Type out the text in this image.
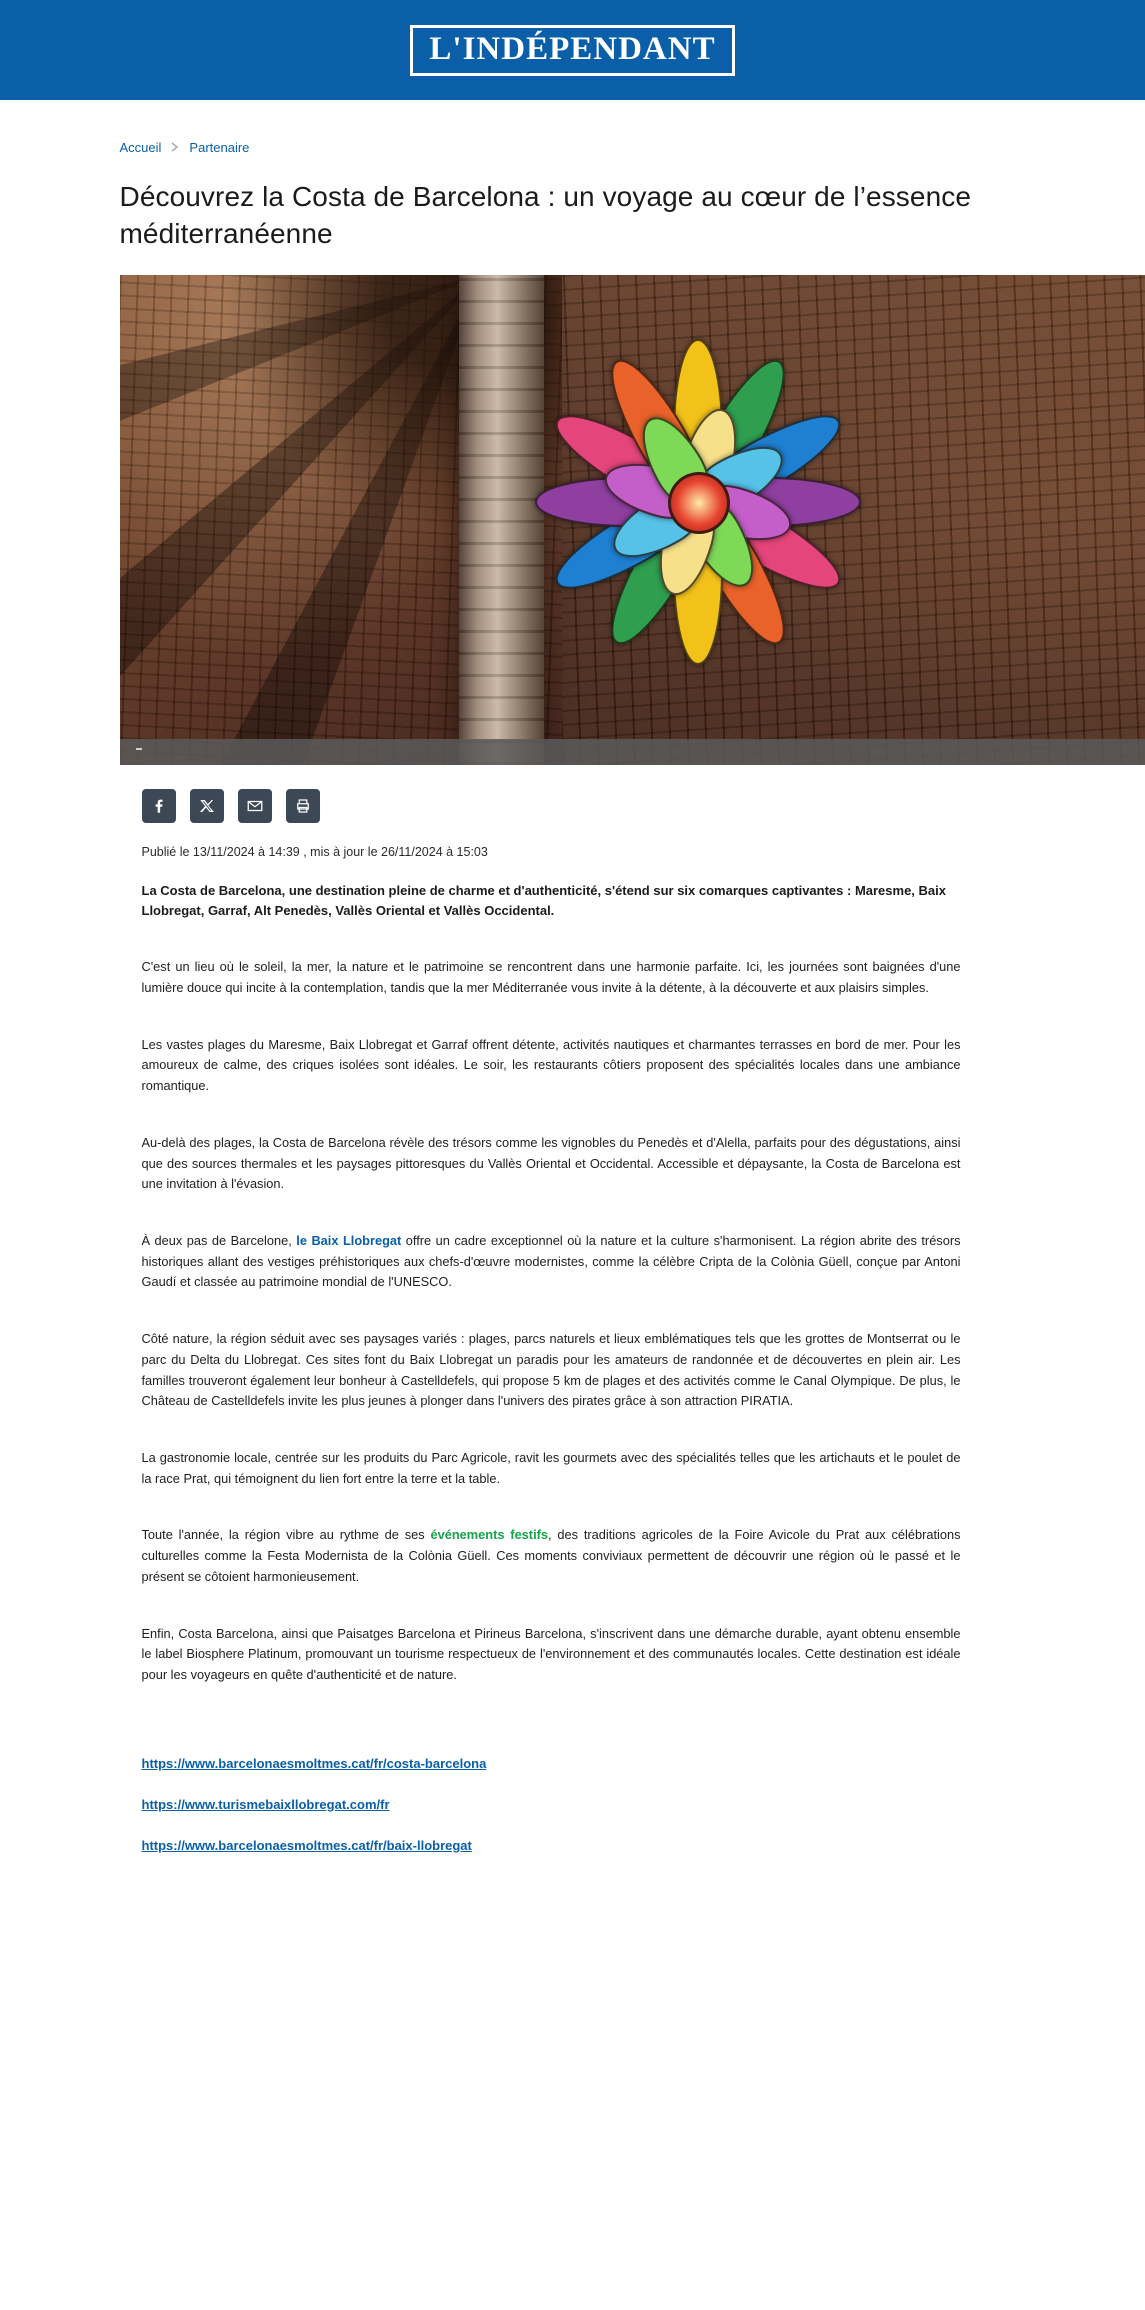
L'INDÉPENDANT
Accueil Partenaire
Découvrez la Costa de Barcelona : un voyage au cœur de l’essence méditerranéenne
Publié le 13/11/2024 à 14:39 , mis à jour le 26/11/2024 à 15:03

La Costa de Barcelona, une destination pleine de charme et d'authenticité, s'étend sur six comarques captivantes : Maresme, Baix Llobregat, Garraf, Alt Penedès, Vallès Oriental et Vallès Occidental.

C'est un lieu où le soleil, la mer, la nature et le patrimoine se rencontrent dans une harmonie parfaite. Ici, les journées sont baignées d'une lumière douce qui incite à la contemplation, tandis que la mer Méditerranée vous invite à la détente, à la découverte et aux plaisirs simples.

Les vastes plages du Maresme, Baix Llobregat et Garraf offrent détente, activités nautiques et charmantes terrasses en bord de mer. Pour les amoureux de calme, des criques isolées sont idéales. Le soir, les restaurants côtiers proposent des spécialités locales dans une ambiance romantique.

Au-delà des plages, la Costa de Barcelona révèle des trésors comme les vignobles du Penedès et d'Alella, parfaits pour des dégustations, ainsi que des sources thermales et les paysages pittoresques du Vallès Oriental et Occidental. Accessible et dépaysante, la Costa de Barcelona est une invitation à l'évasion.

À deux pas de Barcelone, le Baix Llobregat offre un cadre exceptionnel où la nature et la culture s'harmonisent. La région abrite des trésors historiques allant des vestiges préhistoriques aux chefs-d'œuvre modernistes, comme la célèbre Cripta de la Colònia Güell, conçue par Antoni Gaudí et classée au patrimoine mondial de l'UNESCO.

Côté nature, la région séduit avec ses paysages variés : plages, parcs naturels et lieux emblématiques tels que les grottes de Montserrat ou le parc du Delta du Llobregat. Ces sites font du Baix Llobregat un paradis pour les amateurs de randonnée et de découvertes en plein air. Les familles trouveront également leur bonheur à Castelldefels, qui propose 5 km de plages et des activités comme le Canal Olympique. De plus, le Château de Castelldefels invite les plus jeunes à plonger dans l'univers des pirates grâce à son attraction PIRATIA.

La gastronomie locale, centrée sur les produits du Parc Agricole, ravit les gourmets avec des spécialités telles que les artichauts et le poulet de la race Prat, qui témoignent du lien fort entre la terre et la table.

Toute l'année, la région vibre au rythme de ses événements festifs, des traditions agricoles de la Foire Avicole du Prat aux célébrations culturelles comme la Festa Modernista de la Colònia Güell. Ces moments conviviaux permettent de découvrir une région où le passé et le présent se côtoient harmonieusement.

Enfin, Costa Barcelona, ainsi que Paisatges Barcelona et Pirineus Barcelona, s'inscrivent dans une démarche durable, ayant obtenu ensemble le label Biosphere Platinum, promouvant un tourisme respectueux de l'environnement et des communautés locales. Cette destination est idéale pour les voyageurs en quête d'authenticité et de nature.

https://www.barcelonaesmoltmes.cat/fr/costa-barcelona
https://www.turismebaixllobregat.com/fr
https://www.barcelonaesmoltmes.cat/fr/baix-llobregat
